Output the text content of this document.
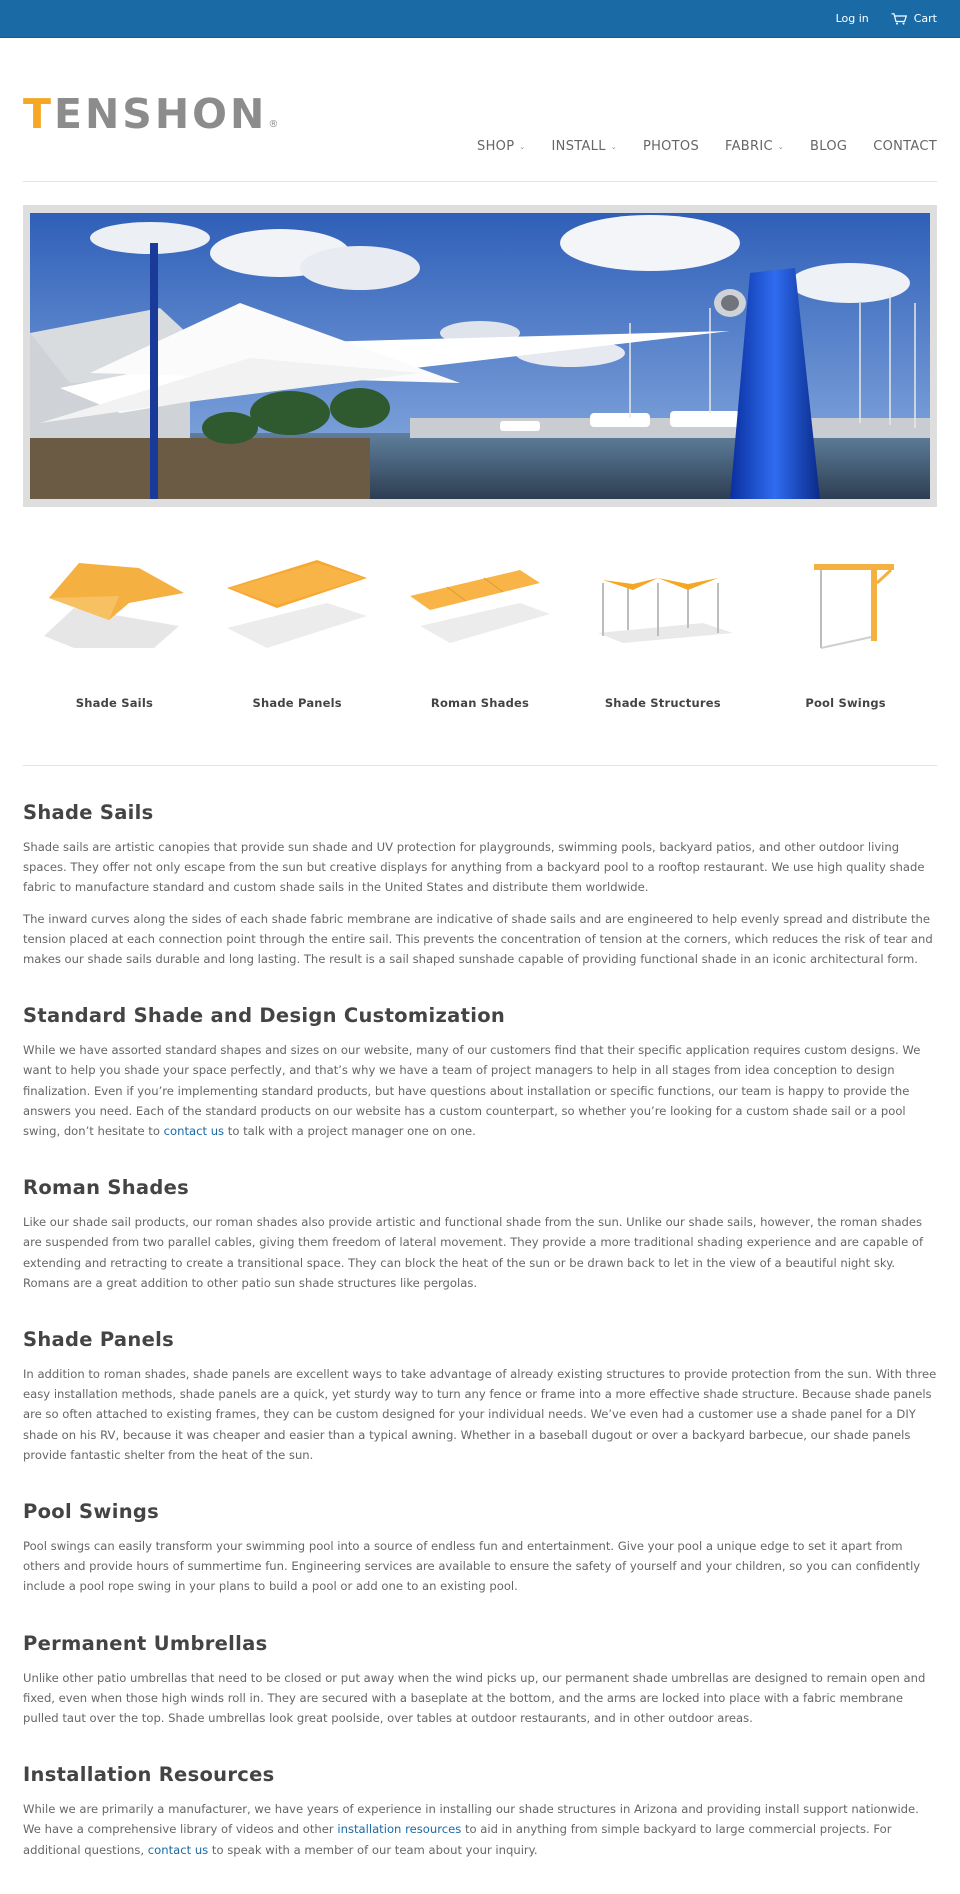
Log in	Cart
T ENSHON ®
SHOP ⌄ INSTALL ⌄ PHOTOS FABRIC ⌄ BLOG CONTACT
Shade Sails	Shade Panels	Roman Shades	Shade Structures	Pool Swings
Shade Sails

Shade sails are artistic canopies that provide sun shade and UV protection for playgrounds, swimming pools, backyard patios, and other outdoor living spaces. They offer not only escape from the sun but creative displays for anything from a backyard pool to a rooftop restaurant. We use high quality shade fabric to manufacture standard and custom shade sails in the United States and distribute them worldwide.

The inward curves along the sides of each shade fabric membrane are indicative of shade sails and are engineered to help evenly spread and distribute the tension placed at each connection point through the entire sail. This prevents the concentration of tension at the corners, which reduces the risk of tear and makes our shade sails durable and long lasting. The result is a sail shaped sunshade capable of providing functional shade in an iconic architectural form.

Standard Shade and Design Customization

While we have assorted standard shapes and sizes on our website, many of our customers find that their specific application requires custom designs. We want to help you shade your space perfectly, and that’s why we have a team of project managers to help in all stages from idea conception to design finalization. Even if you’re implementing standard products, but have questions about installation or specific functions, our team is happy to provide the answers you need. Each of the standard products on our website has a custom counterpart, so whether you’re looking for a custom shade sail or a pool swing, don’t hesitate to contact us to talk with a project manager one on one.

Roman Shades

Like our shade sail products, our roman shades also provide artistic and functional shade from the sun. Unlike our shade sails, however, the roman shades are suspended from two parallel cables, giving them freedom of lateral movement. They provide a more traditional shading experience and are capable of extending and retracting to create a transitional space. They can block the heat of the sun or be drawn back to let in the view of a beautiful night sky. Romans are a great addition to other patio sun shade structures like pergolas.

Shade Panels

In addition to roman shades, shade panels are excellent ways to take advantage of already existing structures to provide protection from the sun. With three easy installation methods, shade panels are a quick, yet sturdy way to turn any fence or frame into a more effective shade structure. Because shade panels are so often attached to existing frames, they can be custom designed for your individual needs. We’ve even had a customer use a shade panel for a DIY shade on his RV, because it was cheaper and easier than a typical awning. Whether in a baseball dugout or over a backyard barbecue, our shade panels provide fantastic shelter from the heat of the sun.

Pool Swings

Pool swings can easily transform your swimming pool into a source of endless fun and entertainment. Give your pool a unique edge to set it apart from others and provide hours of summertime fun. Engineering services are available to ensure the safety of yourself and your children, so you can confidently include a pool rope swing in your plans to build a pool or add one to an existing pool.

Permanent Umbrellas

Unlike other patio umbrellas that need to be closed or put away when the wind picks up, our permanent shade umbrellas are designed to remain open and fixed, even when those high winds roll in. They are secured with a baseplate at the bottom, and the arms are locked into place with a fabric membrane pulled taut over the top. Shade umbrellas look great poolside, over tables at outdoor restaurants, and in other outdoor areas.

Installation Resources

While we are primarily a manufacturer, we have years of experience in installing our shade structures in Arizona and providing install support nationwide. We have a comprehensive library of videos and other installation resources to aid in anything from simple backyard to large commercial projects. For additional questions, contact us to speak with a member of our team about your inquiry.
